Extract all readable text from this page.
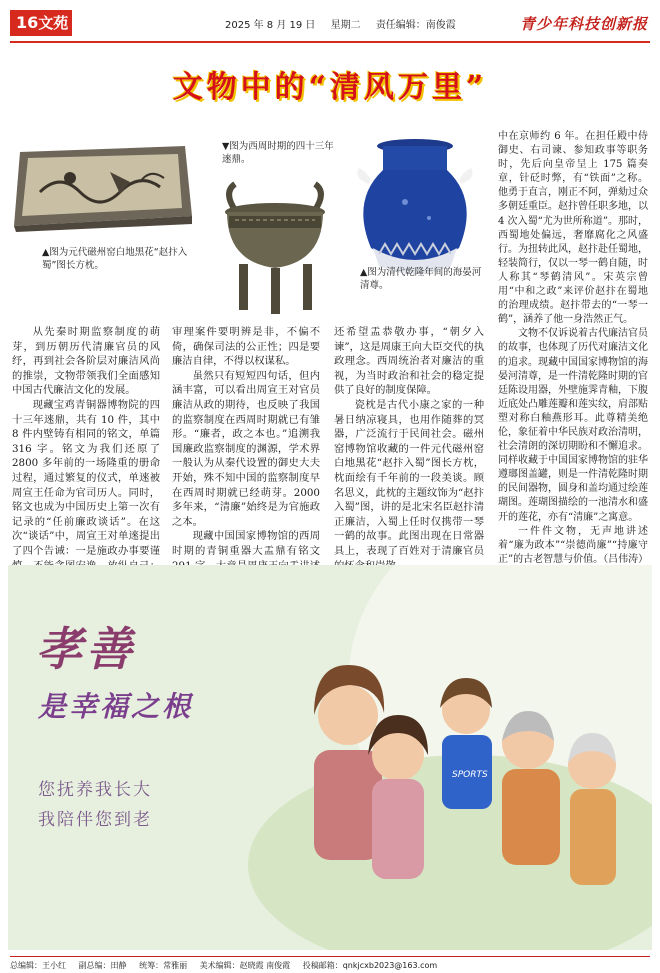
16文苑	2025 年 8 月 19 日 星期二 责任编辑：南俊霞	青少年科技创新报
文物中的“清风万里”
▲图为元代磁州窑白地黑花“赵抃入蜀”图长方枕。
▼图为西周时期的四十三年逨鼎。
▲图为清代乾隆年间的海晏河清尊。

从先秦时期监察制度的萌芽，到历朝历代清廉官员的风纾，再到社会各阶层对廉洁风尚的推崇，文物带领我们全面感知中国古代廉洁文化的发展。

现藏宝鸡青铜器博物院的四十三年逨鼎，共有 10 件，其中 8 件内壁铸有相同的铭文，单篇 316 字。铭文为我们还原了 2800 多年前的一场隆重的册命过程，通过繁复的仪式，单逨被周宣王任命为官司历人。同时，铭文也成为中国历史上第一次有记录的“任前廉政谈话”。在这次“谈话”中，周宣王对单逨提出了四个告诫：一是施政办事要谨

审理案件要明辨是非，不偏不倚，确保司法的公正性；四是要廉洁自律，不得以权谋私。

虽然只有短短四句话，但内涵丰富，可以看出周宣王对官员廉洁从政的期待，也反映了我国的监察制度在西周时期就已有雏形。“廉者，政之本也。”追溯我国廉政监察制度的渊源，学术界一般认为从秦代设置的御史大夫开始，殊不知中国的监察制度早在西周时期就已经萌芽。2000 多年来，“清廉”始终是为官施政之本。

现藏中国国家博物馆的西周时期的青铜重器大盂鼎有铭文

还希望盂恭敬办事，“朝夕入谏”，这是周康王向大臣交代的执政理念。西周统治者对廉洁的重视，为当时政治和社会的稳定提供了良好的制度保障。

瓷枕是古代小康之家的一种暑日纳凉寝具，也用作随葬的冥器，广泛流行于民间社会。磁州窑博物馆收藏的一件元代磁州窑白地黑花“赵抃入蜀”图长方枕，枕面绘有千年前的一段美谈。顾名思义，此枕的主题纹饰为“赵抃入蜀”图，讲的是北宋名臣赵抃清正廉洁，入蜀上任时仅携带一琴一鹤的故事。此图出现在日常器具上，表现了百姓对于清廉官员

中在京师约 6 年。在担任殿中侍御史、右司谏、参知政事等职务时，先后向皇帝呈上 175 篇奏章，针砭时弊，有“铁面”之称。他勇于直言，刚正不阿，弹劾过众多朝廷重臣。赵抃曾任职多地，以 4 次入蜀“尤为世所称道”。那时，西蜀地处偏远，奢靡腐化之风盛行。为扭转此风，赵抃赴任蜀地，轻装简行，仅以一琴一鹤自随，时人称其“琴鹤清风”。宋英宗曾用“中和之政”来评价赵抃在蜀地的治理成绩。赵抃带去的“一琴一鹤”，涵养了他一身浩然正气。

文物不仅诉说着古代廉洁官员的故事，也体现了历代对廉洁文化的追求。现藏中国国家博物馆的海晏河清尊，是一件清乾隆时期的官廷陈设用器，外壁施霁青釉，下腹近底处凸雕莲瓣和莲实纹，肩部贴塑对称白釉燕形耳。此尊精美绝伦，象征着中华民族对政治清明，社会清朗的深切期盼和不懈追求。同样收藏于中国国家博物馆的驻华遵瑯图盖罐，则是一件清乾隆时期的民间器物，圆身和盖均通过绘莲瑚图。莲瑚图描绘的一池清水和盛开的莲花，亦有“清廉”之寓意。

一件件文物，无声地讲述着“廉为政本”“崇德尚廉”“持廉守正”的古老智慧与价值。（吕伟涛）

SPORTS
孝善
是幸福之根
您抚养我长大
我陪伴您到老
总编辑：王小红 副总编：田静 统筹：常雅丽 美术编辑：赵晓霞 南俊霞 投稿邮箱：qnkjcxb2023@163.com
